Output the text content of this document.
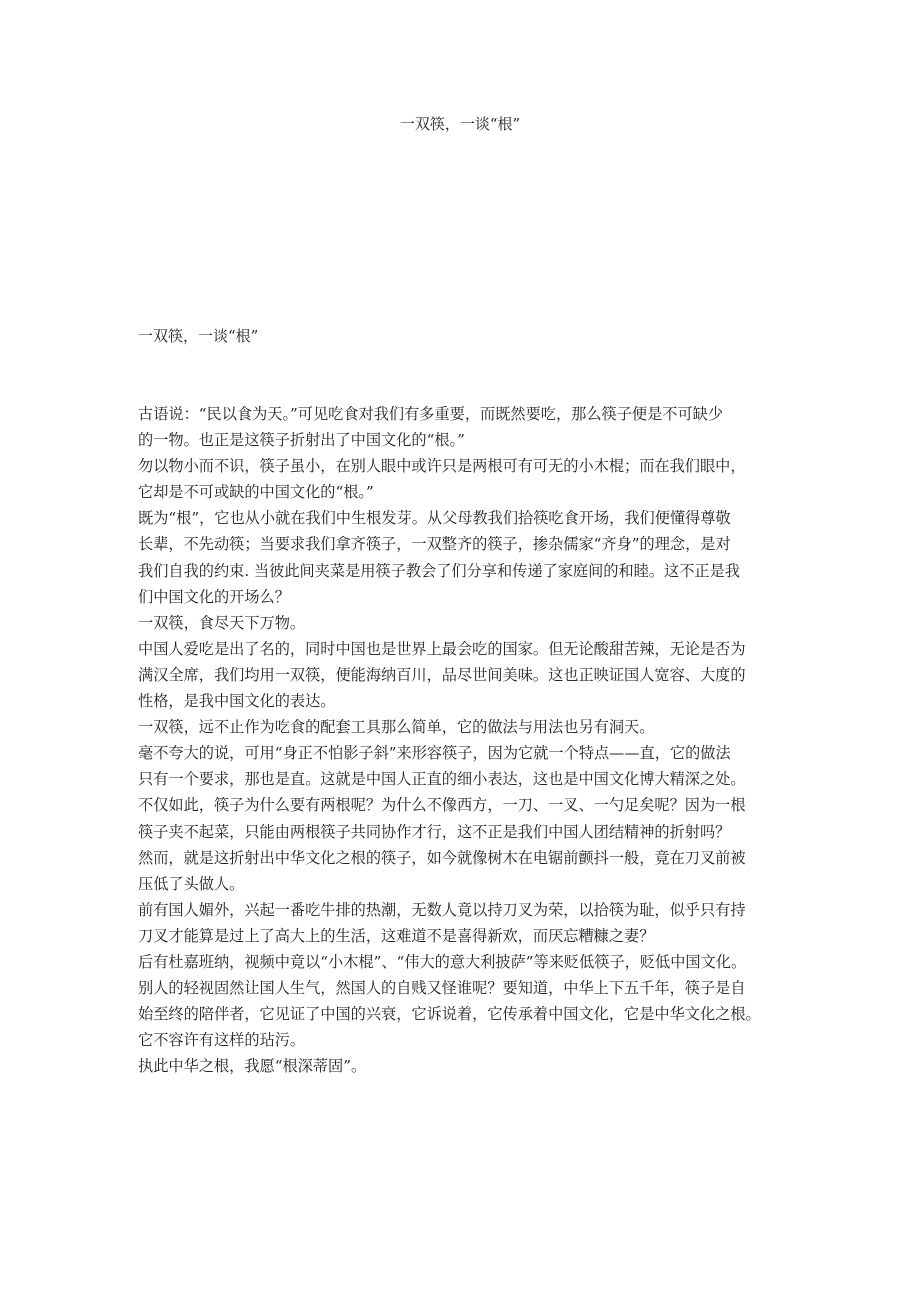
一双筷，一谈“根”
一双筷，一谈“根”
古语说：“民以食为天。”可见吃食对我们有多重要，而既然要吃，那么筷子便是不可缺少
的一物。也正是这筷子折射出了中国文化的“根。”
勿以物小而不识，筷子虽小，在别人眼中或许只是两根可有可无的小木棍；而在我们眼中，
它却是不可或缺的中国文化的“根。”
既为“根”，它也从小就在我们中生根发芽。从父母教我们拾筷吃食开场，我们便懂得尊敬
长辈，不先动筷；当要求我们拿齐筷子，一双整齐的筷子，掺杂儒家“齐身”的理念，是对
我们自我的约束. 当彼此间夹菜是用筷子教会了们分享和传递了家庭间的和睦。这不正是我
们中国文化的开场么？
一双筷，食尽天下万物。
中国人爱吃是出了名的，同时中国也是世界上最会吃的国家。但无论酸甜苦辣，无论是否为
满汉全席，我们均用一双筷，便能海纳百川，品尽世间美味。这也正映证国人宽容、大度的
性格，是我中国文化的表达。
一双筷，远不止作为吃食的配套工具那么简单，它的做法与用法也另有洞天。
毫不夸大的说，可用“身正不怕影子斜”来形容筷子，因为它就一个特点——直，它的做法
只有一个要求，那也是直。这就是中国人正直的细小表达，这也是中国文化博大精深之处。
不仅如此，筷子为什么要有两根呢？为什么不像西方，一刀、一叉、一勺足矣呢？因为一根
筷子夹不起菜，只能由两根筷子共同协作才行，这不正是我们中国人团结精神的折射吗？
然而，就是这折射出中华文化之根的筷子，如今就像树木在电锯前颤抖一般，竟在刀叉前被
压低了头做人。
前有国人媚外，兴起一番吃牛排的热潮，无数人竟以持刀叉为荣，以拾筷为耻，似乎只有持
刀叉才能算是过上了高大上的生活，这难道不是喜得新欢，而厌忘糟糠之妻？
后有杜嘉班纳，视频中竟以“小木棍”、“伟大的意大利披萨”等来贬低筷子，贬低中国文化。
别人的轻视固然让国人生气，然国人的自贱又怪谁呢？要知道，中华上下五千年，筷子是自
始至终的陪伴者，它见证了中国的兴衰，它诉说着，它传承着中国文化，它是中华文化之根。
它不容许有这样的玷污。
执此中华之根，我愿“根深蒂固”。
